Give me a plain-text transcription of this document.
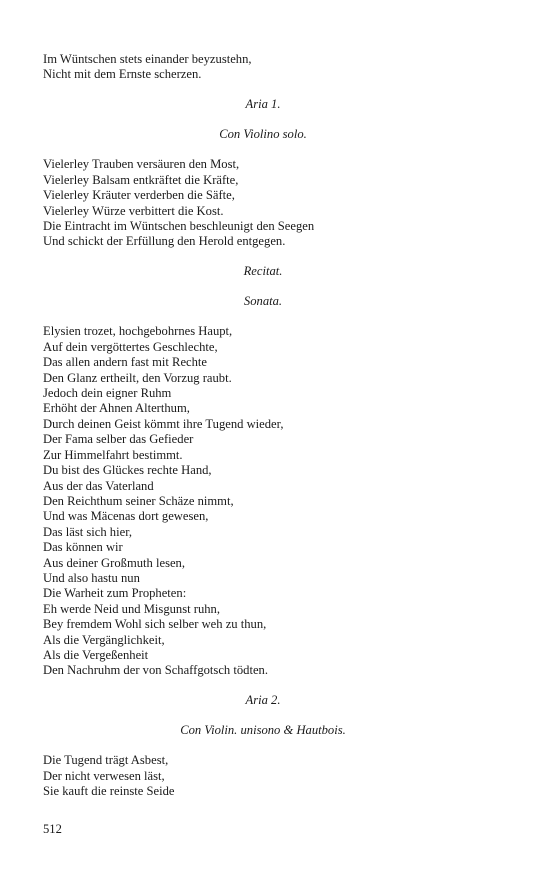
Im Wüntschen stets einander beyzustehn,
Nicht mit dem Ernste scherzen.
Aria 1.
Con Violino solo.
Vielerley Trauben versäuren den Most,
Vielerley Balsam entkräftet die Kräfte,
Vielerley Kräuter verderben die Säfte,
Vielerley Würze verbittert die Kost.
Die Eintracht im Wüntschen beschleunigt den Seegen
Und schickt der Erfüllung den Herold entgegen.
Recitat.
Sonata.
Elysien trozet, hochgebohrnes Haupt,
Auf dein vergöttertes Geschlechte,
Das allen andern fast mit Rechte
Den Glanz ertheilt, den Vorzug raubt.
Jedoch dein eigner Ruhm
Erhöht der Ahnen Alterthum,
Durch deinen Geist kömmt ihre Tugend wieder,
Der Fama selber das Gefieder
Zur Himmelfahrt bestimmt.
Du bist des Glückes rechte Hand,
Aus der das Vaterland
Den Reichthum seiner Schäze nimmt,
Und was Mäcenas dort gewesen,
Das läst sich hier,
Das können wir
Aus deiner Großmuth lesen,
Und also hastu nun
Die Warheit zum Propheten:
Eh werde Neid und Misgunst ruhn,
Bey fremdem Wohl sich selber weh zu thun,
Als die Vergänglichkeit,
Als die Vergeßenheit
Den Nachruhm der von Schaffgotsch tödten.
Aria 2.
Con Violin. unisono & Hautbois.
Die Tugend trägt Asbest,
Der nicht verwesen läst,
Sie kauft die reinste Seide
512
